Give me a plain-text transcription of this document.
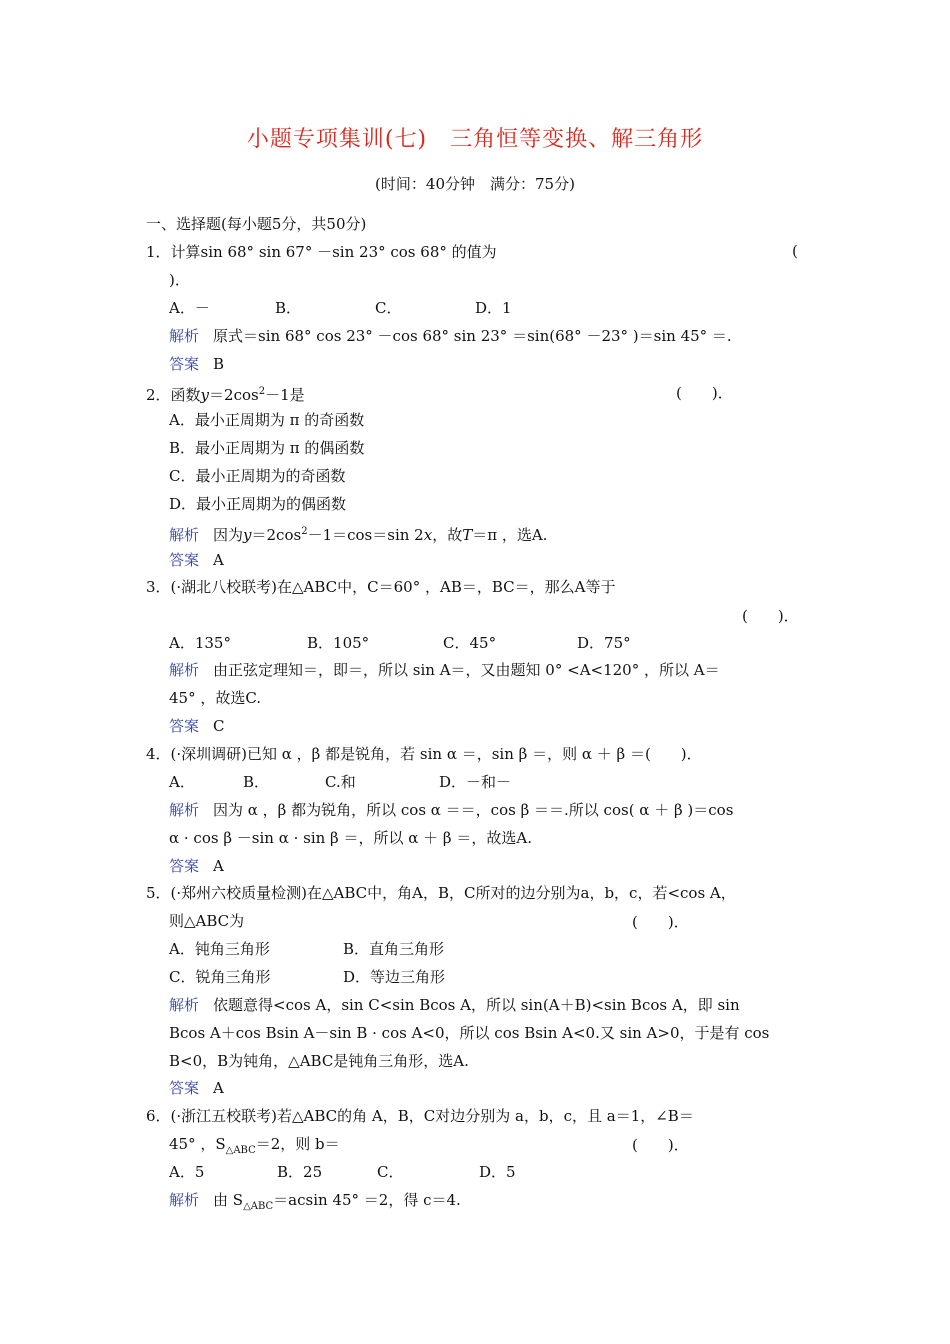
小题专项集训(七)　三角恒等变换、解三角形
(时间：40分钟　满分：75分)
一、选择题(每小题5分，共50分)
1．计算sin 68° sin 67° －sin 23° cos 68° 的值为	(
)．
A．－	B．	C．	D．1
解析 原式＝sin 68° cos 23° －cos 68° sin 23° ＝sin(68° －23° )＝sin 45° ＝.
答案 B
2．函数$y=2\cos^2-1$是	(　　)．
A．最小正周期为 π 的奇函数
B．最小正周期为 π 的偶函数
C．最小正周期为的奇函数
D．最小正周期为的偶函数
解析 因为$y=2\cos^2-1=\cos=\sin$ 2x，故T＝π ，选A.
答案 A
3．(·湖北八校联考)在△ABC中，C＝60° ，AB＝，BC＝，那么A等于
(　　)．
A．135°	B．105°	C．45°	D．75°
解析 由正弦定理知＝，即＝，所以 sin A＝，又由题知 0° <A<120° ，所以 A＝
45° ，故选C.
答案 C
4．(·深圳调研)已知 α ，β 都是锐角，若 sin α ＝，sin β ＝，则 α ＋ β ＝(　　)．
A．	B．	C.和	D．－和－
解析 因为 α ，β 都为锐角，所以 cos α ＝＝，cos β ＝＝.所以 cos( α ＋ β )＝cos
α · cos β －sin α · sin β ＝，所以 α ＋ β ＝，故选A.
答案 A
5．(·郑州六校质量检测)在△ABC中，角A，B，C所对的边分别为a，b，c，若<cos A，
则△ABC为	(　　)．
A．钝角三角形	B．直角三角形
C．锐角三角形	D．等边三角形
解析 依题意得<cos A，sin C<sin Bcos A，所以 sin(A＋B)<sin Bcos A，即 sin
Bcos A＋cos Bsin A－sin B · cos A<0，所以 cos Bsin A<0.又 sin A>0，于是有 cos
B<0，B为钝角，△ABC是钝角三角形，选A.
答案 A
6．(·浙江五校联考)若△ABC的角 A，B，C对边分别为 a，b，c，且 a＝1，∠B＝
45° ，$S_{\triangle ABC}=2$，则 b＝	(　　)．
A．5	B．25	C．	D．5
解析 由 $S_{\triangle ABC}=acsin$ 45° ＝2，得 c＝4.
